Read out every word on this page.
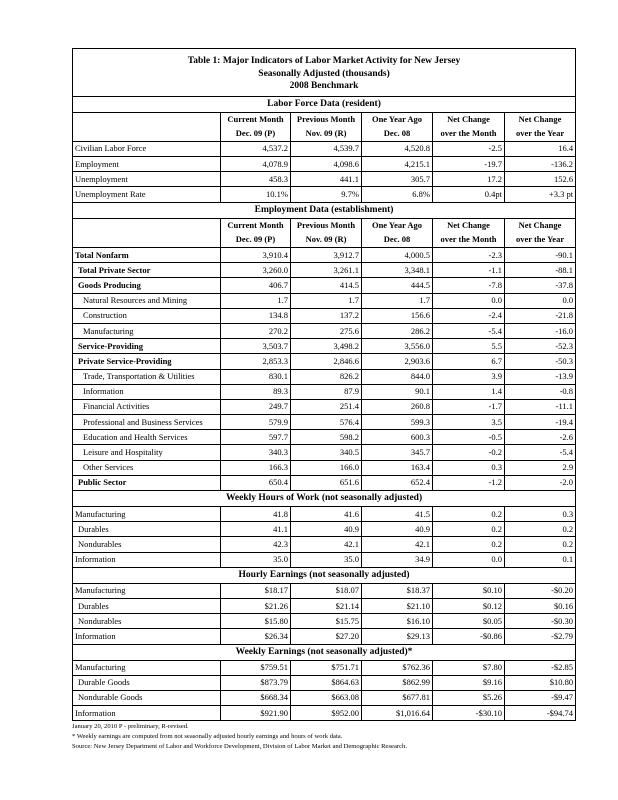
Table 1: Major Indicators of Labor Market Activity for New Jersey
Seasonally Adjusted (thousands)
2008 Benchmark					

Labor Force Data (resident)					
	Current Month	Previous Month	One Year Ago	Net Change	Net Change
	Dec. 09 (P)	Nov. 09 (R)	Dec. 08	over the Month	over the Year
Civilian Labor Force	4,537.2	4,539.7	4,520.8	-2.5	16.4
Employment	4,078.9	4,098.6	4,215.1	-19.7	-136.2
Unemployment	458.3	441.1	305.7	17.2	152.6
Unemployment Rate	10.1%	9.7%	6.8%	0.4pt	+3.3 pt
Employment Data (establishment)					
	Current Month	Previous Month	One Year Ago	Net Change	Net Change
	Dec. 09 (P)	Nov. 09 (R)	Dec. 08	over the Month	over the Year
Total Nonfarm	3,910.4	3,912.7	4,000.5	-2.3	-90.1
Total Private Sector	3,260.0	3,261.1	3,348.1	-1.1	-88.1
Goods Producing	406.7	414.5	444.5	-7.8	-37.8
Natural Resources and Mining	1.7	1.7	1.7	0.0	0.0
Construction	134.8	137.2	156.6	-2.4	-21.8
Manufacturing	270.2	275.6	286.2	-5.4	-16.0
Service-Providing	3,503.7	3,498.2	3,556.0	5.5	-52.3
Private Service-Providing	2,853.3	2,846.6	2,903.6	6.7	-50.3
Trade, Transportation & Utilities	830.1	826.2	844.0	3.9	-13.9
Information	89.3	87.9	90.1	1.4	-0.8
Financial Activities	249.7	251.4	260.8	-1.7	-11.1
Professional and Business Services	579.9	576.4	599.3	3.5	-19.4
Education and Health Services	597.7	598.2	600.3	-0.5	-2.6
Leisure and Hospitality	340.3	340.5	345.7	-0.2	-5.4
Other Services	166.3	166.0	163.4	0.3	2.9
Public Sector	650.4	651.6	652.4	-1.2	-2.0
Weekly Hours of Work (not seasonally adjusted)					
Manufacturing	41.8	41.6	41.5	0.2	0.3
Durables	41.1	40.9	40.9	0.2	0.2
Nondurables	42.3	42.1	42.1	0.2	0.2
Information	35.0	35.0	34.9	0.0	0.1
Hourly Earnings (not seasonally adjusted)					
Manufacturing	$18.17	$18.07	$18.37	$0.10	-$0.20
Durables	$21.26	$21.14	$21.10	$0.12	$0.16
Nondurables	$15.80	$15.75	$16.10	$0.05	-$0.30
Information	$26.34	$27.20	$29.13	-$0.86	-$2.79
Weekly Earnings (not seasonally adjusted)*					
Manufacturing	$759.51	$751.71	$762.36	$7.80	-$2.85
Durable Goods	$873.79	$864.63	$862.99	$9.16	$10.80
Nondurable Goods	$668.34	$663.08	$677.81	$5.26	-$9.47
Information	$921.90	$952.00	$1,016.64	-$30.10	-$94.74
January 20, 2010 P - preliminary, R-revised.
* Weekly earnings are computed from not seasonally adjusted hourly earnings and hours of work data.
Source: New Jersey Department of Labor and Workforce Development, Division of Labor Market and Demographic Research.
